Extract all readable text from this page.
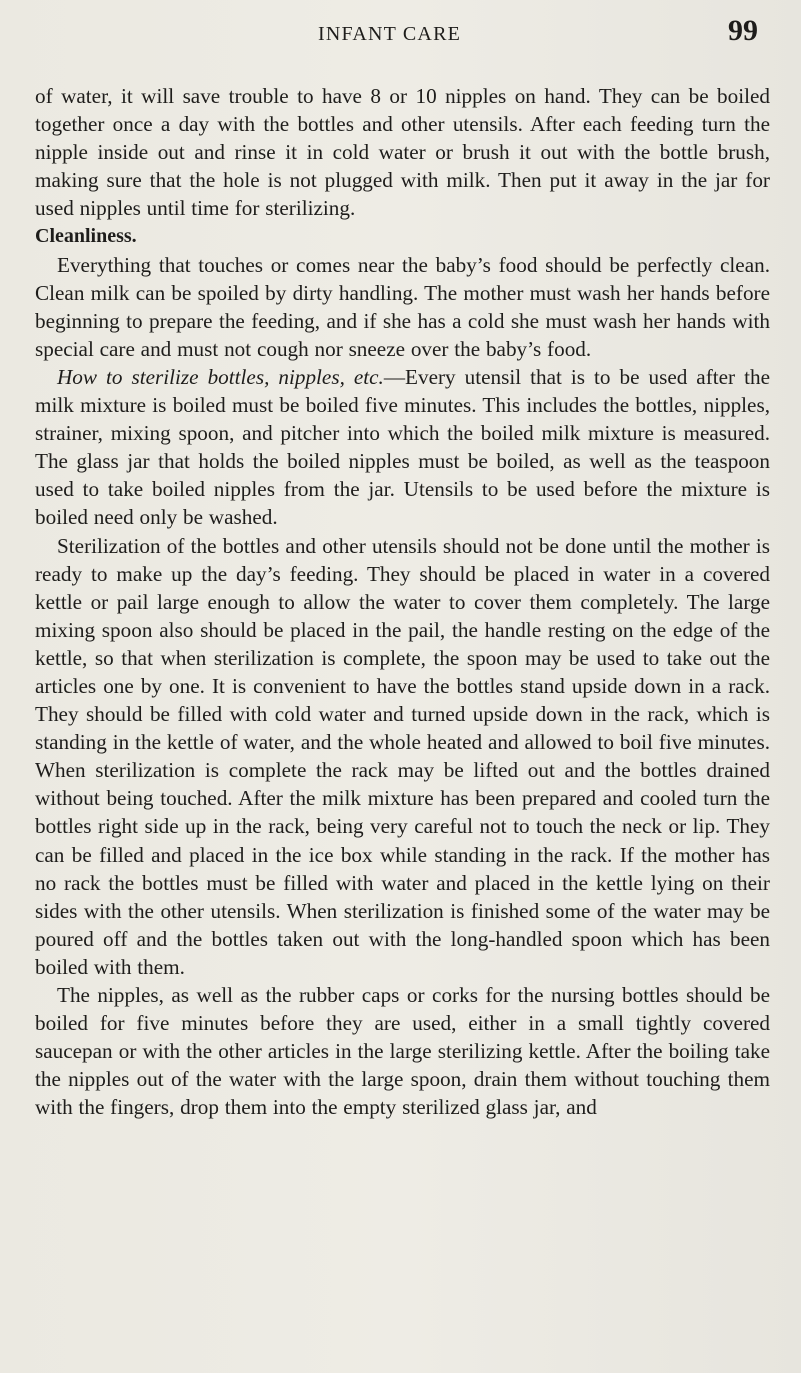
INFANT CARE	99

of water, it will save trouble to have 8 or 10 nipples on hand. They can be boiled together once a day with the bottles and other utensils. After each feeding turn the nipple inside out and rinse it in cold water or brush it out with the bottle brush, making sure that the hole is not plugged with milk. Then put it away in the jar for used nipples until time for sterilizing.

Cleanliness.

Everything that touches or comes near the baby’s food should be perfectly clean. Clean milk can be spoiled by dirty handling. The mother must wash her hands before beginning to prepare the feeding, and if she has a cold she must wash her hands with special care and must not cough nor sneeze over the baby’s food.

How to sterilize bottles, nipples, etc.—Every utensil that is to be used after the milk mixture is boiled must be boiled five minutes. This includes the bottles, nipples, strainer, mixing spoon, and pitcher into which the boiled milk mixture is measured. The glass jar that holds the boiled nipples must be boiled, as well as the teaspoon used to take boiled nipples from the jar. Utensils to be used before the mixture is boiled need only be washed.

Sterilization of the bottles and other utensils should not be done until the mother is ready to make up the day’s feeding. They should be placed in water in a covered kettle or pail large enough to allow the water to cover them completely. The large mixing spoon also should be placed in the pail, the handle resting on the edge of the kettle, so that when sterilization is complete, the spoon may be used to take out the articles one by one. It is convenient to have the bottles stand upside down in a rack. They should be filled with cold water and turned upside down in the rack, which is standing in the kettle of water, and the whole heated and allowed to boil five minutes. When sterilization is complete the rack may be lifted out and the bottles drained without being touched. After the milk mixture has been prepared and cooled turn the bottles right side up in the rack, being very careful not to touch the neck or lip. They can be filled and placed in the ice box while standing in the rack. If the mother has no rack the bottles must be filled with water and placed in the kettle lying on their sides with the other utensils. When sterilization is finished some of the water may be poured off and the bottles taken out with the long-handled spoon which has been boiled with them.

The nipples, as well as the rubber caps or corks for the nursing bottles should be boiled for five minutes before they are used, either in a small tightly covered saucepan or with the other articles in the large sterilizing kettle. After the boiling take the nipples out of the water with the large spoon, drain them without touching them with the fingers, drop them into the empty sterilized glass jar, and
